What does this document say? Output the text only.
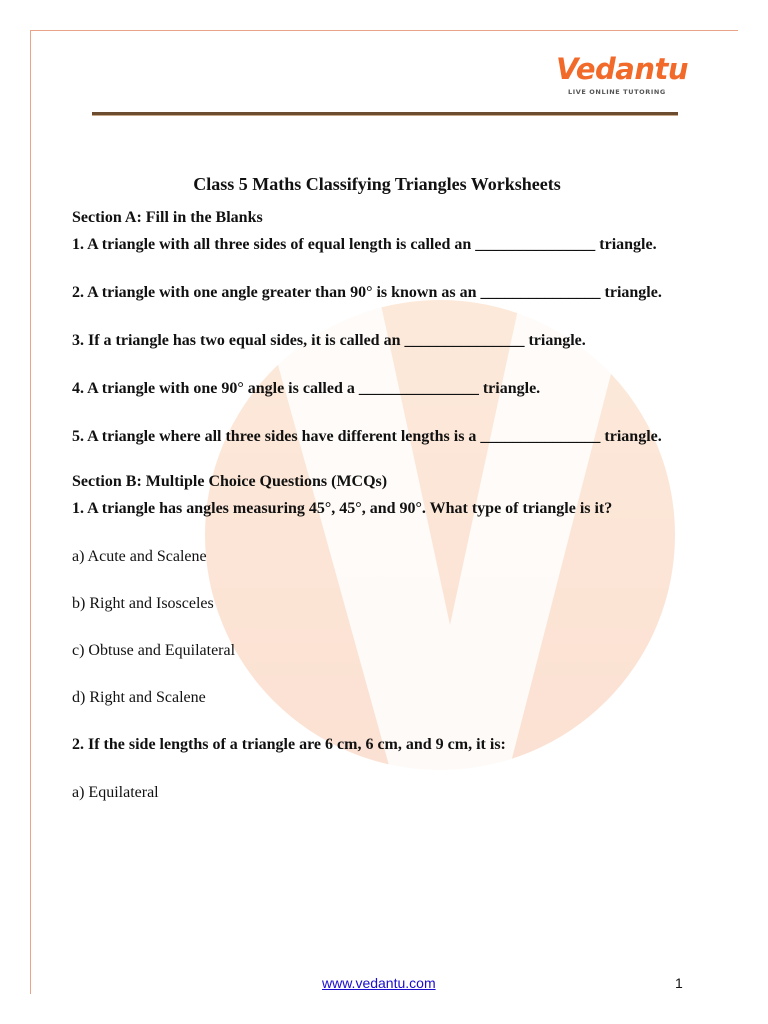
Vedantu
LIVE ONLINE TUTORING
Class 5 Maths Classifying Triangles Worksheets
Section A: Fill in the Blanks
1. A triangle with all three sides of equal length is called an _______________ triangle.
2. A triangle with one angle greater than 90° is known as an _______________ triangle.
3. If a triangle has two equal sides, it is called an _______________ triangle.
4. A triangle with one 90° angle is called a _______________ triangle.
5. A triangle where all three sides have different lengths is a _______________ triangle.
Section B: Multiple Choice Questions (MCQs)
1. A triangle has angles measuring 45°, 45°, and 90°. What type of triangle is it?
a) Acute and Scalene
b) Right and Isosceles
c) Obtuse and Equilateral
d) Right and Scalene
2. If the side lengths of a triangle are 6 cm, 6 cm, and 9 cm, it is:
a) Equilateral
www.vedantu.com	1
